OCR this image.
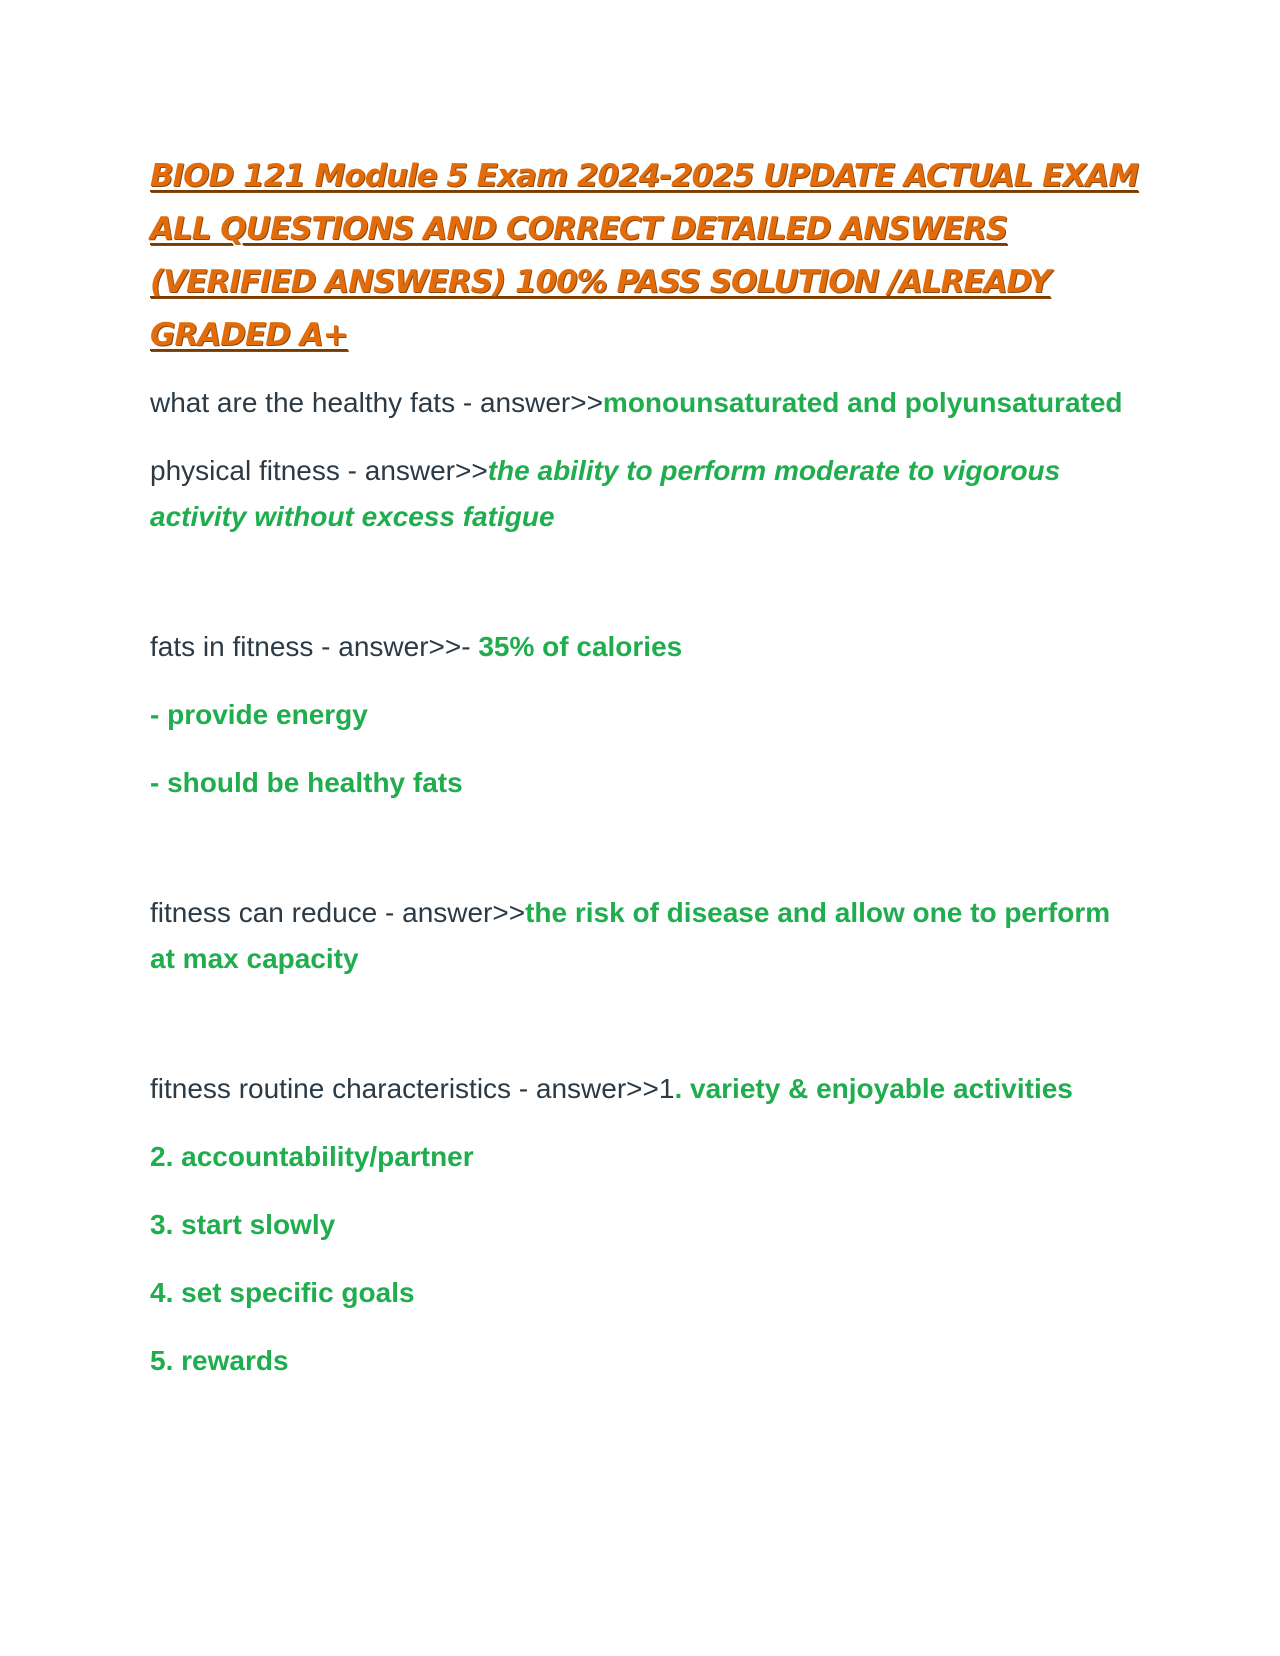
BIOD 121 Module 5 Exam 2024-2025 UPDATE ACTUAL EXAM ALL QUESTIONS AND CORRECT DETAILED ANSWERS (VERIFIED ANSWERS) 100% PASS SOLUTION /ALREADY GRADED A+

what are the healthy fats - answer>>monounsaturated and polyunsaturated

physical fitness - answer>>the ability to perform moderate to vigorous activity without excess fatigue

fats in fitness - answer>>- 35% of calories

- provide energy

- should be healthy fats

fitness can reduce - answer>>the risk of disease and allow one to perform at max capacity

fitness routine characteristics - answer>>1. variety & enjoyable activities

2. accountability/partner

3. start slowly

4. set specific goals

5. rewards
